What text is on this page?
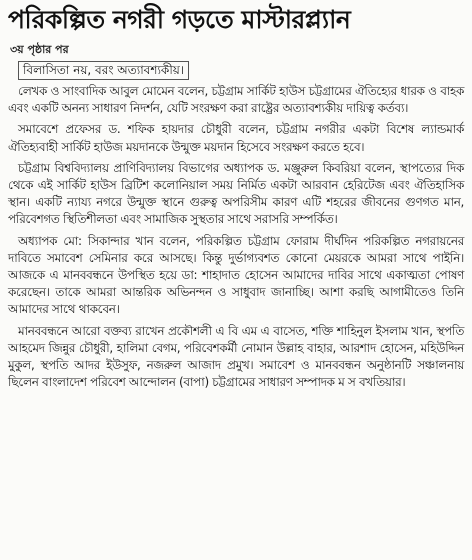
পরিকল্পিত নগরী গড়তে মাস্টারপ্ল্যান
৩য় পৃষ্ঠার পর
বিলাসিতা নয়, বরং অত্যাবশ্যকীয়।

লেখক ও সাংবাদিক আবুল মোমেন বলেন, চট্টগ্রাম সার্কিট হাউস চট্টগ্রামের ঐতিহ্যের ধারক ও বাহক এবং একটি অনন্য সাধারণ নিদর্শন, যেটি সংরক্ষণ করা রাষ্ট্রের অত্যাবশ্যকীয় দায়িত্ব কর্তব্য।

সমাবেশে প্রফেসর ড. শফিক হায়দার চৌধুরী বলেন, চট্টগ্রাম নগরীর একটা বিশেষ ল্যান্ডমার্ক ঐতিহ্যবাহী সার্কিট হাউজ ময়দানকে উন্মুক্ত ময়দান হিসেবে সংরক্ষণ করতে হবে।

চট্টগ্রাম বিশ্ববিদ্যালয় প্রাণিবিদ্যালয় বিভাগের অধ্যাপক ড. মঞ্জুরুল কিবরিয়া বলেন, স্থাপত্যের দিক থেকে এই সার্কিট হাউস ব্রিটিশ কলোনিয়াল সময় নির্মিত একটা আরবান হেরিটেজ এবং ঐতিহাসিক স্থান। একটি ন্যায্য নগরে উন্মুক্ত স্থানে গুরুত্ব অপরিসীম কারণ এটি শহরের জীবনের গুণগত মান, পরিবেশগত স্থিতিশীলতা এবং সামাজিক সুস্থতার সাথে সরাসরি সম্পর্কিত।

অধ্যাপক মো: সিকান্দার খান বলেন, পরিকল্পিত চট্টগ্রাম ফোরাম দীর্ঘদিন পরিকল্পিত নগরায়নের দাবিতে সমাবেশ সেমিনার করে আসছে। কিন্তু দুর্ভাগ্যবশত কোনো মেয়রকে আমরা সাথে পাইনি। আজকে এ মানববন্ধনে উপস্থিত হয়ে ডা: শাহাদাত হোসেন আমাদের দাবির সাথে একাত্মতা পোষণ করেছেন। তাকে আমরা আন্তরিক অভিনন্দন ও সাধুবাদ জানাচ্ছি। আশা করছি আগামীতেও তিনি আমাদের সাথে থাকবেন।

মানববন্ধনে আরো বক্তব্য রাখেন প্রকৌশলী এ বি এম এ বাসেত, শক্তি শাহিনুল ইসলাম খান, স্থপতি আহমেদ জিন্নুর চৌধুরী, হালিমা বেগম, পরিবেশকর্মী নোমান উল্লাহ বাহার, আরশাদ হোসেন, মহিউদ্দিন মুকুল, স্থপতি আদর ইউসুফ, নজরুল আজাদ প্রমুখ। সমাবেশ ও মানববন্ধন অনুষ্ঠানটি সঞ্চালনায় ছিলেন বাংলাদেশ পরিবেশ আন্দোলন (বাপা) চট্টগ্রামের সাধারণ সম্পাদক ম স বখতিয়ার।
